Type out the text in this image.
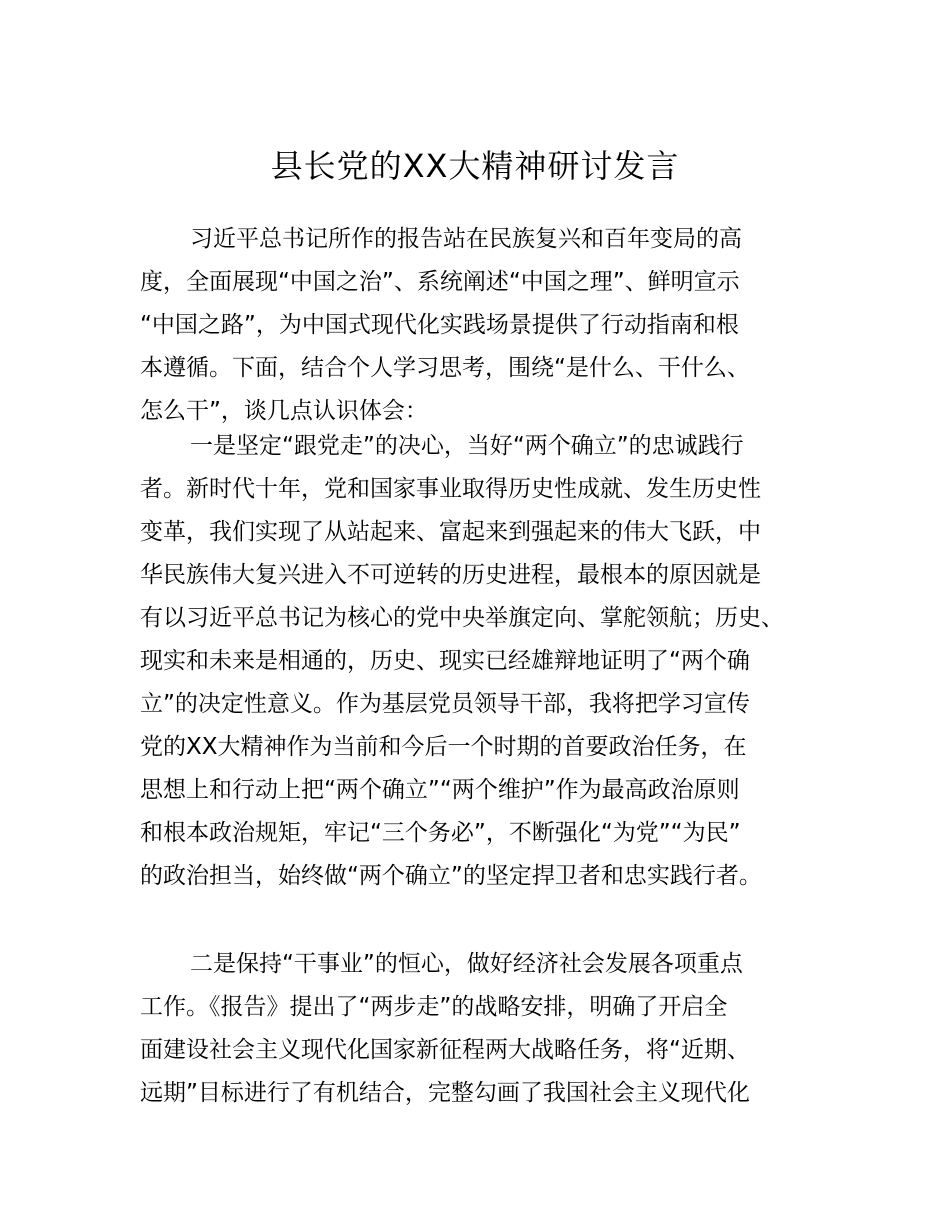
县长党的XX大精神研讨发言
习近平总书记所作的报告站在民族复兴和百年变局的高
度，全面展现“中国之治”、系统阐述“中国之理”、鲜明宣示
“中国之路”，为中国式现代化实践场景提供了行动指南和根
本遵循。下面，结合个人学习思考，围绕“是什么、干什么、
怎么干”，谈几点认识体会：
一是坚定“跟党走”的决心，当好“两个确立”的忠诚践行
者。新时代十年，党和国家事业取得历史性成就、发生历史性
变革，我们实现了从站起来、富起来到强起来的伟大飞跃，中
华民族伟大复兴进入不可逆转的历史进程，最根本的原因就是
有以习近平总书记为核心的党中央举旗定向、掌舵领航；历史、
现实和未来是相通的，历史、现实已经雄辩地证明了“两个确
立”的决定性意义。作为基层党员领导干部，我将把学习宣传
党的XX大精神作为当前和今后一个时期的首要政治任务，在
思想上和行动上把“两个确立”“两个维护”作为最高政治原则
和根本政治规矩，牢记“三个务必”，不断强化“为党”“为民”
的政治担当，始终做“两个确立”的坚定捍卫者和忠实践行者。
二是保持“干事业”的恒心，做好经济社会发展各项重点
工作。《报告》提出了“两步走”的战略安排，明确了开启全
面建设社会主义现代化国家新征程两大战略任务，将“近期、
远期”目标进行了有机结合，完整勾画了我国社会主义现代化
